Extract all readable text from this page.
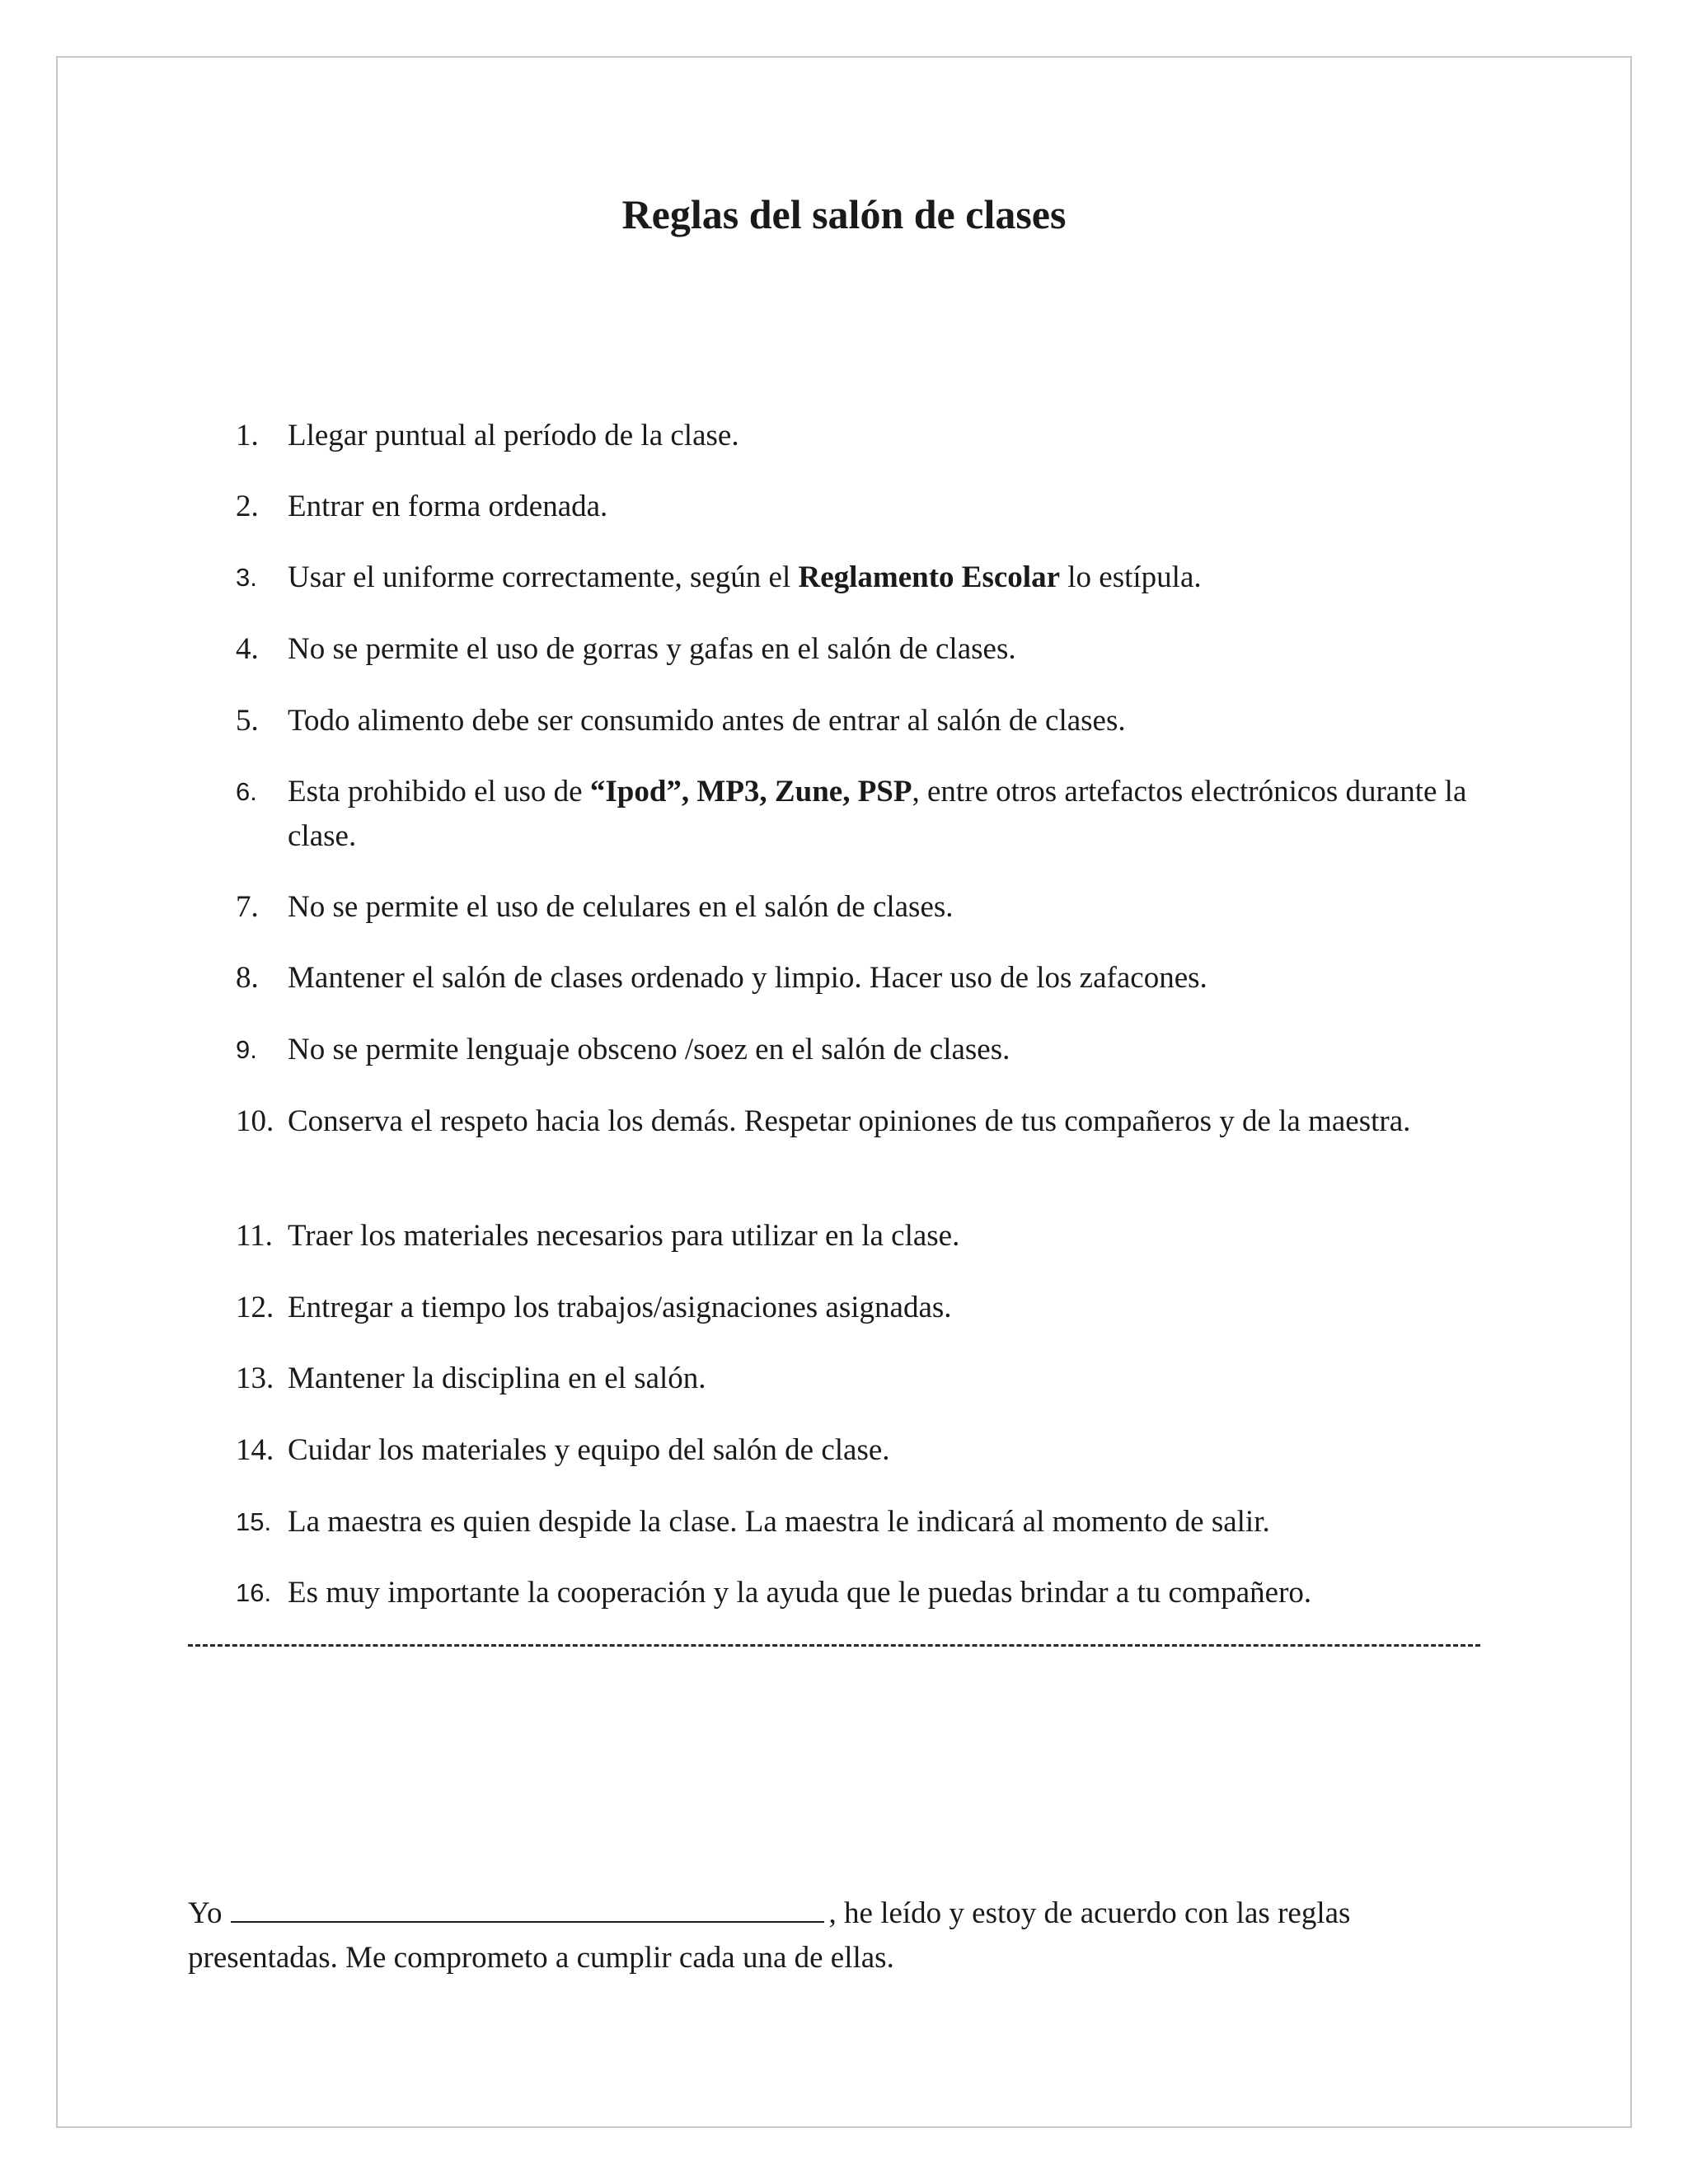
Reglas del salón de clases
1. Llegar puntual al período de la clase.
2. Entrar en forma ordenada.
3.	Usar el uniforme correctamente, según el Reglamento Escolar lo estípula.
4. No se permite el uso de gorras y gafas en el salón de clases.
5. Todo alimento debe ser consumido antes de entrar al salón de clases.
6.	Esta prohibido el uso de “Ipod”, MP3, Zune, PSP, entre otros artefactos electrónicos durante la clase.
7. No se permite el uso de celulares en el salón de clases.
8. Mantener el salón de clases ordenado y limpio. Hacer uso de los zafacones.
9.	No se permite lenguaje obsceno /soez en el salón de clases.
10. Conserva el respeto hacia los demás. Respetar opiniones de tus compañeros y de la maestra.
11. Traer los materiales necesarios para utilizar en la clase.
12. Entregar a tiempo los trabajos/asignaciones asignadas.
13. Mantener la disciplina en el salón.
14. Cuidar los materiales y equipo del salón de clase.
15. La maestra es quien despide la clase. La maestra le indicará al momento de salir.
16. Es muy importante la cooperación y la ayuda que le puedas brindar a tu compañero.

Yo	, he leído y estoy de acuerdo con las reglas presentadas. Me comprometo a cumplir cada una de ellas.
